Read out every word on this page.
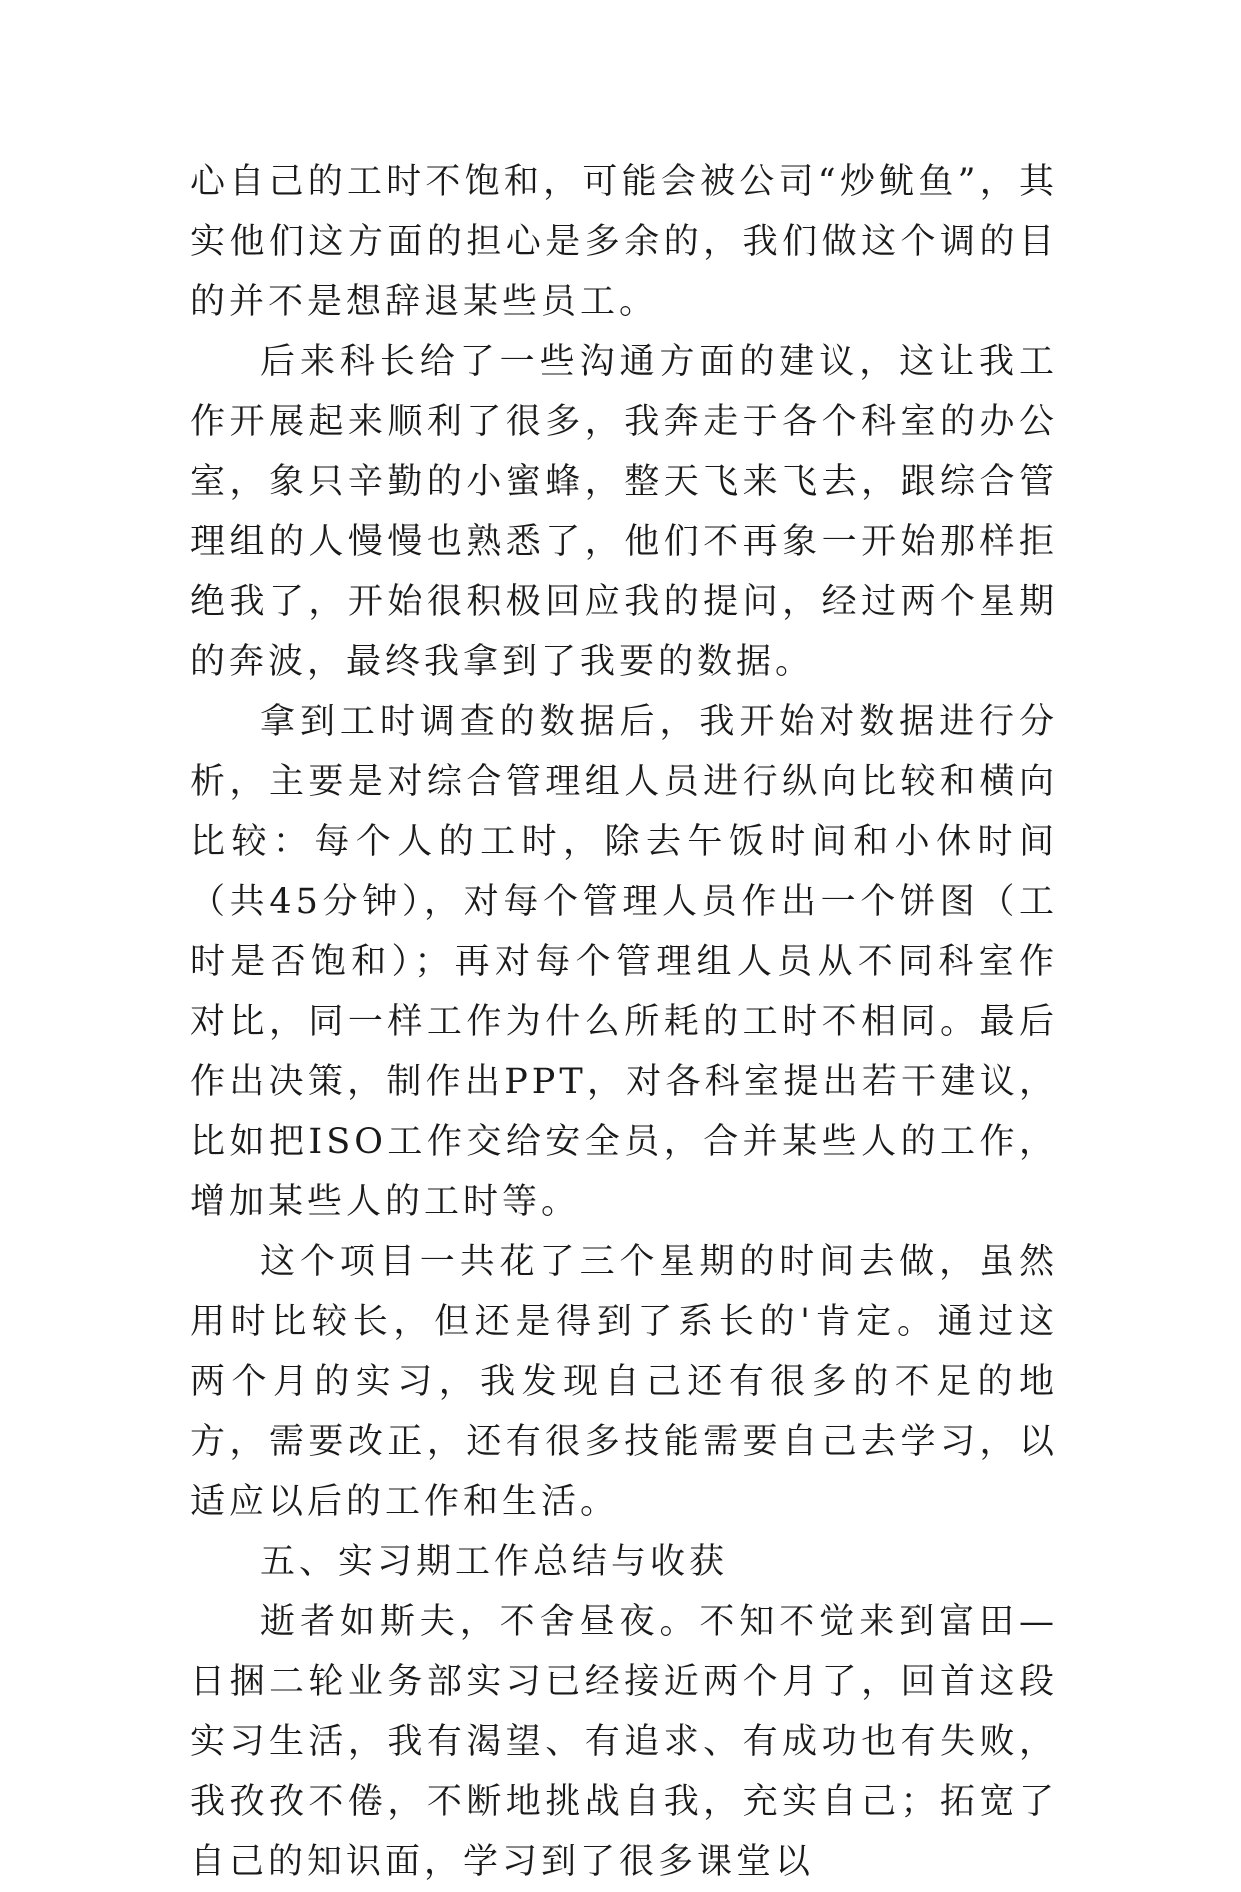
心自己的工时不饱和，可能会被公司“炒鱿鱼”，其实他们这方面的担心是多余的，我们做这个调的目的并不是想辞退某些员工。

后来科长给了一些沟通方面的建议，这让我工作开展起来顺利了很多，我奔走于各个科室的办公室，象只辛勤的小蜜蜂，整天飞来飞去，跟综合管理组的人慢慢也熟悉了，他们不再象一开始那样拒绝我了，开始很积极回应我的提问，经过两个星期的奔波，最终我拿到了我要的数据。

拿到工时调查的数据后，我开始对数据进行分析，主要是对综合管理组人员进行纵向比较和横向比较：每个人的工时，除去午饭时间和小休时间（共45分钟），对每个管理人员作出一个饼图（工时是否饱和）；再对每个管理组人员从不同科室作对比，同一样工作为什么所耗的工时不相同。最后作出决策，制作出PPT，对各科室提出若干建议，比如把ISO工作交给安全员，合并某些人的工作，增加某些人的工时等。

这个项目一共花了三个星期的时间去做，虽然用时比较长，但还是得到了系长的'肯定。通过这两个月的实习，我发现自己还有很多的不足的地方，需要改正，还有很多技能需要自己去学习，以适应以后的工作和生活。

五、实习期工作总结与收获

逝者如斯夫，不舍昼夜。不知不觉来到富田—日捆二轮业务部实习已经接近两个月了，回首这段实习生活，我有渴望、有追求、有成功也有失败，我孜孜不倦，不断地挑战自我，充实自己；拓宽了自己的知识面，学习到了很多课堂以
